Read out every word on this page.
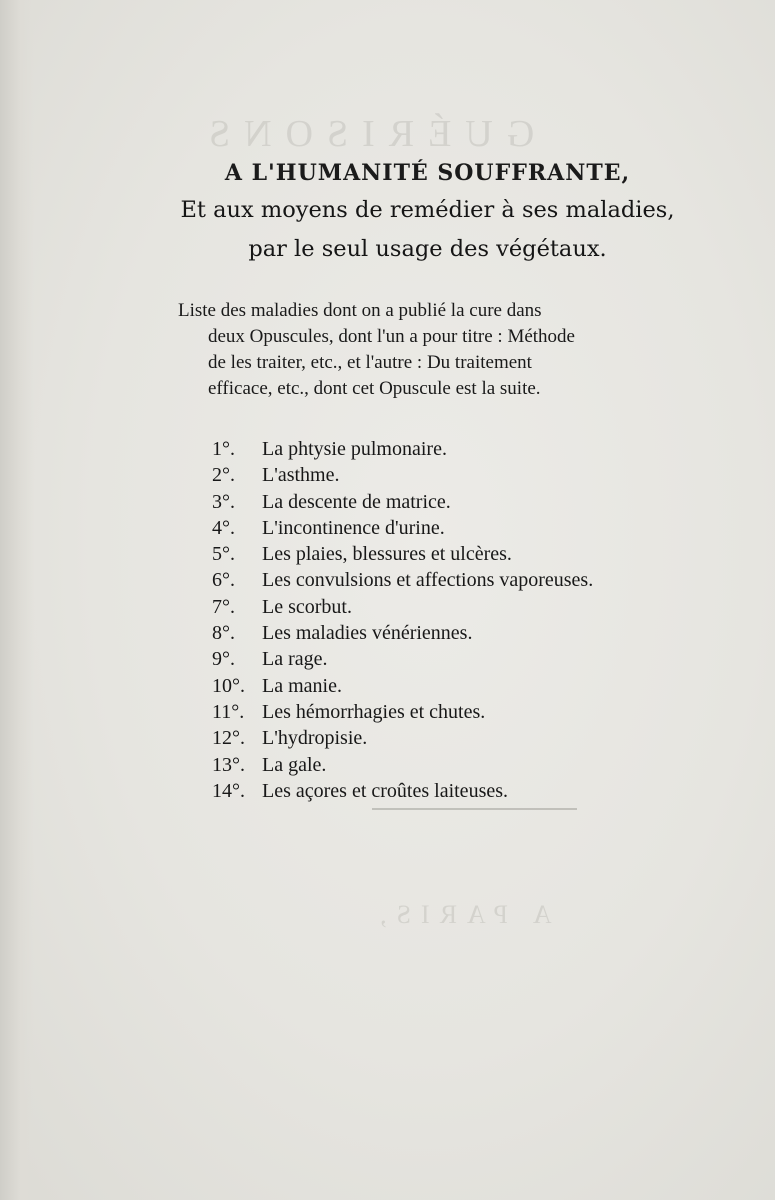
GUÉRISONS
A PARIS,
A L'HUMANITÉ SOUFFRANTE,
Et aux moyens de remédier à ses maladies,
par le seul usage des végétaux.

Liste des maladies dont on a publié la cure dans

deux Opuscules, dont l'un a pour titre : Méthode

de les traiter, etc., et l'autre : Du traitement

efficace, etc., dont cet Opuscule est la suite.

1°. La phtysie pulmonaire.
2°. L'asthme.
3°. La descente de matrice.
4°. L'incontinence d'urine.
5°. Les plaies, blessures et ulcères.
6°. Les convulsions et affections vaporeuses.
7°. Le scorbut.
8°. Les maladies vénériennes.
9°. La rage.
10°. La manie.
11°. Les hémorrhagies et chutes.
12°. L'hydropisie.
13°. La gale.
14°. Les açores et croûtes laiteuses.
